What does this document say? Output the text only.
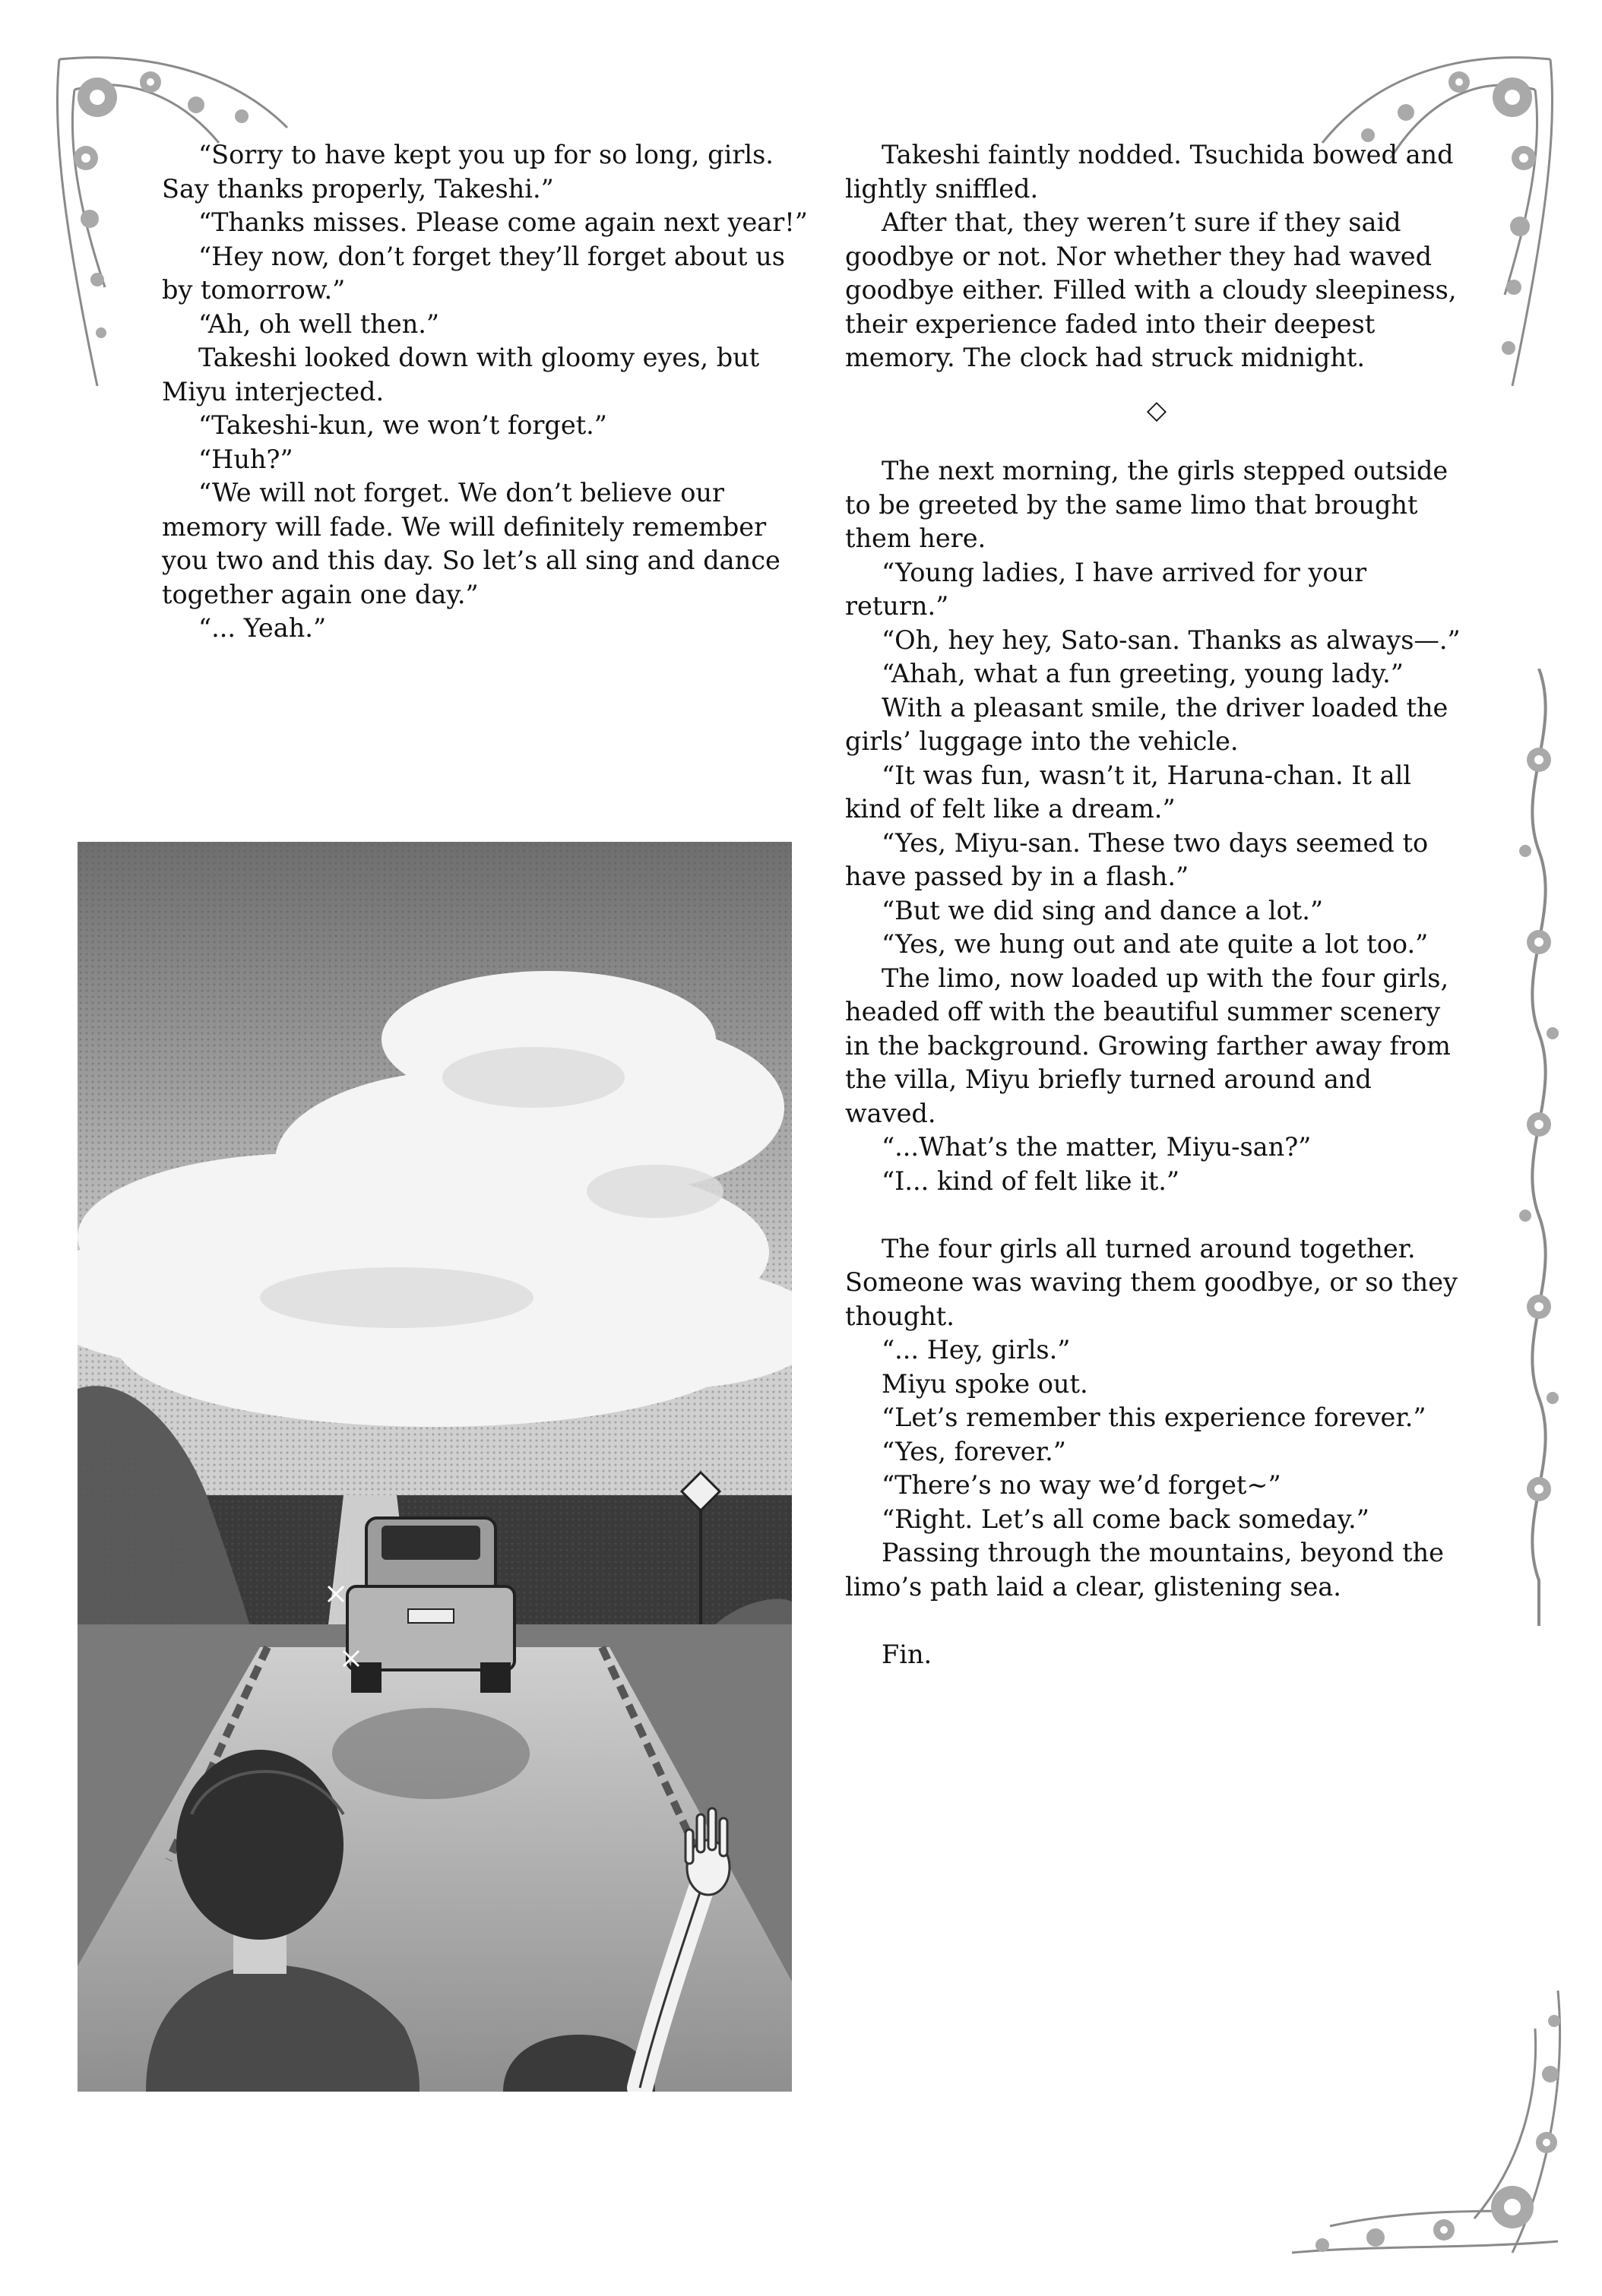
“Sorry to have kept you up for so long, girls. Say thanks properly, Takeshi.”

“Thanks misses. Please come again next year!”

“Hey now, don’t forget they’ll forget about us by tomorrow.”

“Ah, oh well then.”

Takeshi looked down with gloomy eyes, but Miyu interjected.

“Takeshi-kun, we won’t forget.”

“Huh?”

“We will not forget. We don’t believe our memory will fade. We will definitely remember you two and this day. So let’s all sing and dance together again one day.”

“... Yeah.”

Takeshi faintly nodded. Tsuchida bowed and lightly sniffled.

After that, they weren’t sure if they said goodbye or not. Nor whether they had waved goodbye either. Filled with a cloudy sleepiness, their experience faded into their deepest memory. The clock had struck midnight.

◇

The next morning, the girls stepped outside to be greeted by the same limo that brought them here.

“Young ladies, I have arrived for your return.”

“Oh, hey hey, Sato-san. Thanks as always—.”

“Ahah, what a fun greeting, young lady.”

With a pleasant smile, the driver loaded the girls’ luggage into the vehicle.

“It was fun, wasn’t it, Haruna-chan. It all kind of felt like a dream.”

“Yes, Miyu-san. These two days seemed to have passed by in a flash.”

“But we did sing and dance a lot.”

“Yes, we hung out and ate quite a lot too.”

The limo, now loaded up with the four girls, headed off with the beautiful summer scenery in the background. Growing farther away from the villa, Miyu briefly turned around and waved.

“...What’s the matter, Miyu-san?”

“I... kind of felt like it.”

The four girls all turned around together. Someone was waving them goodbye, or so they thought.

“... Hey, girls.”

Miyu spoke out.

“Let’s remember this experience forever.”

“Yes, forever.”

“There’s no way we’d forget~”

“Right. Let’s all come back someday.”

Passing through the mountains, beyond the limo’s path laid a clear, glistening sea.

Fin.
